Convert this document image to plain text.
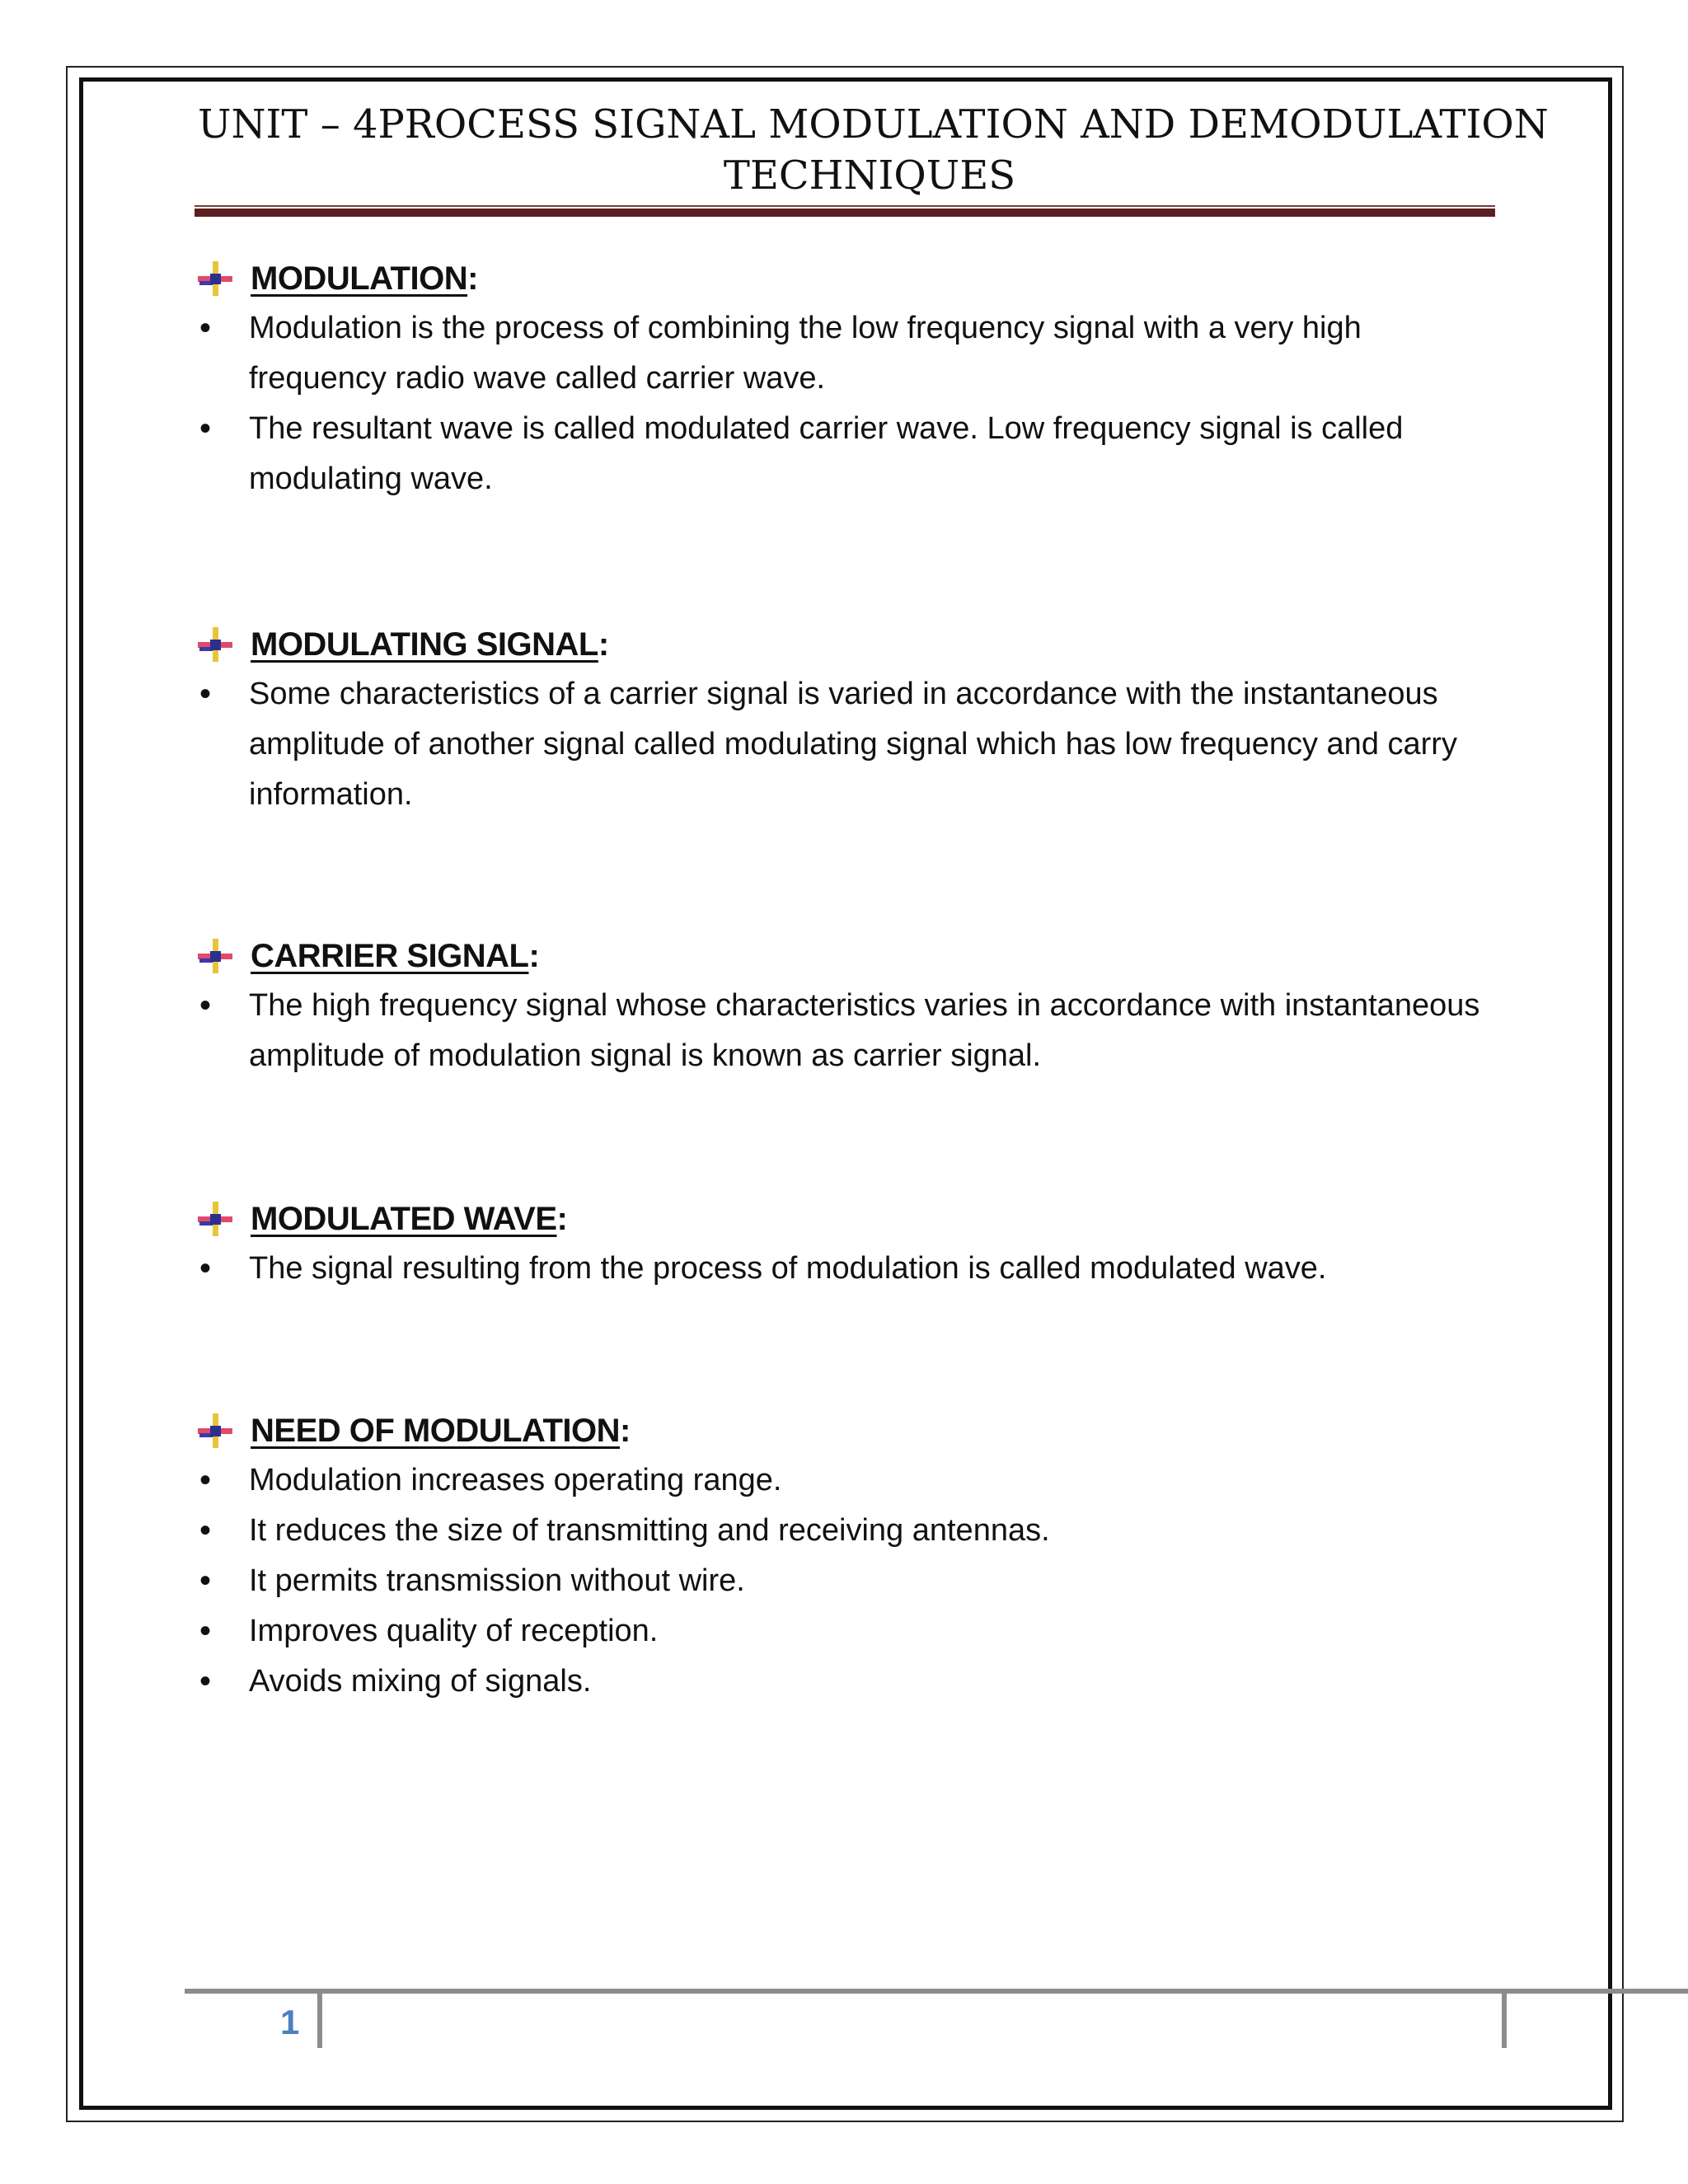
UNIT – 4 PROCESS SIGNAL MODULATION AND DEMODULATION
TECHNIQUES
MODULATION:
• Modulation is the process of combining the low frequency signal with a very high frequency radio wave called carrier wave.
• The resultant wave is called modulated carrier wave. Low frequency signal is called modulating wave.
MODULATING SIGNAL:
• Some characteristics of a carrier signal is varied in accordance with the instantaneous amplitude of another signal called modulating signal which has low frequency and carry information.
CARRIER SIGNAL:
• The high frequency signal whose characteristics varies in accordance with instantaneous amplitude of modulation signal is known as carrier signal.
MODULATED WAVE:
• The signal resulting from the process of modulation is called modulated wave.
NEED OF MODULATION:
• Modulation increases operating range.
• It reduces the size of transmitting and receiving antennas.
• It permits transmission without wire.
• Improves quality of reception.
• Avoids mixing of signals.
1
